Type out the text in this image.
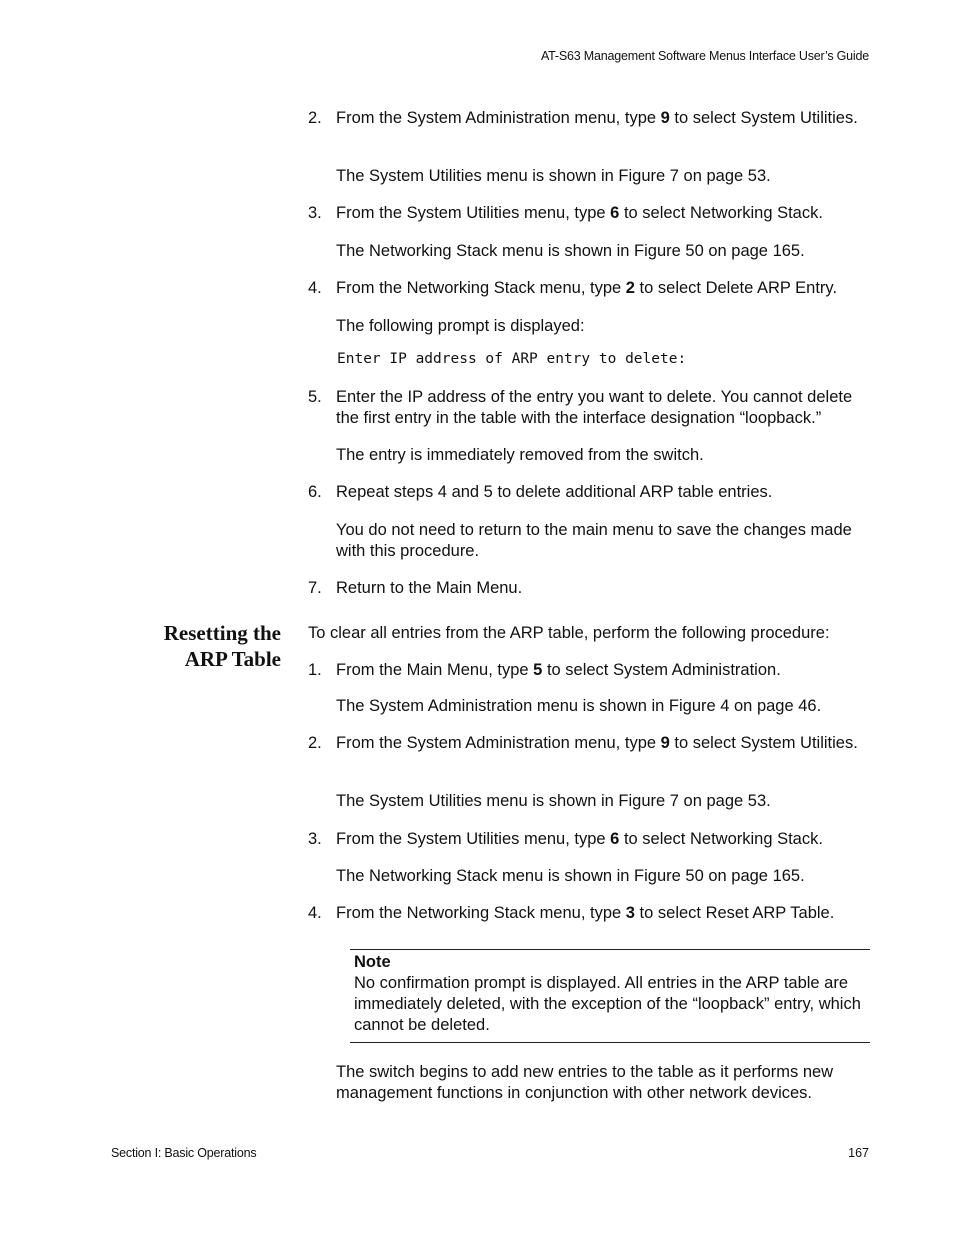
AT-S63 Management Software Menus Interface User’s Guide
2. From the System Administration menu, type 9 to select System Utilities.
The System Utilities menu is shown in Figure 7 on page 53.
3. From the System Utilities menu, type 6 to select Networking Stack.
The Networking Stack menu is shown in Figure 50 on page 165.
4. From the Networking Stack menu, type 2 to select Delete ARP Entry.
The following prompt is displayed:
Enter IP address of ARP entry to delete:
5. Enter the IP address of the entry you want to delete. You cannot delete the first entry in the table with the interface designation “loopback.”
The entry is immediately removed from the switch.
6. Repeat steps 4 and 5 to delete additional ARP table entries.
You do not need to return to the main menu to save the changes made with this procedure.
7. Return to the Main Menu.
Resetting the
ARP Table
To clear all entries from the ARP table, perform the following procedure:
1. From the Main Menu, type 5 to select System Administration.
The System Administration menu is shown in Figure 4 on page 46.
2. From the System Administration menu, type 9 to select System Utilities.
The System Utilities menu is shown in Figure 7 on page 53.
3. From the System Utilities menu, type 6 to select Networking Stack.
The Networking Stack menu is shown in Figure 50 on page 165.
4. From the Networking Stack menu, type 3 to select Reset ARP Table.
Note
No confirmation prompt is displayed. All entries in the ARP table are immediately deleted, with the exception of the “loopback” entry, which cannot be deleted.
The switch begins to add new entries to the table as it performs new management functions in conjunction with other network devices.
Section I: Basic Operations	167
